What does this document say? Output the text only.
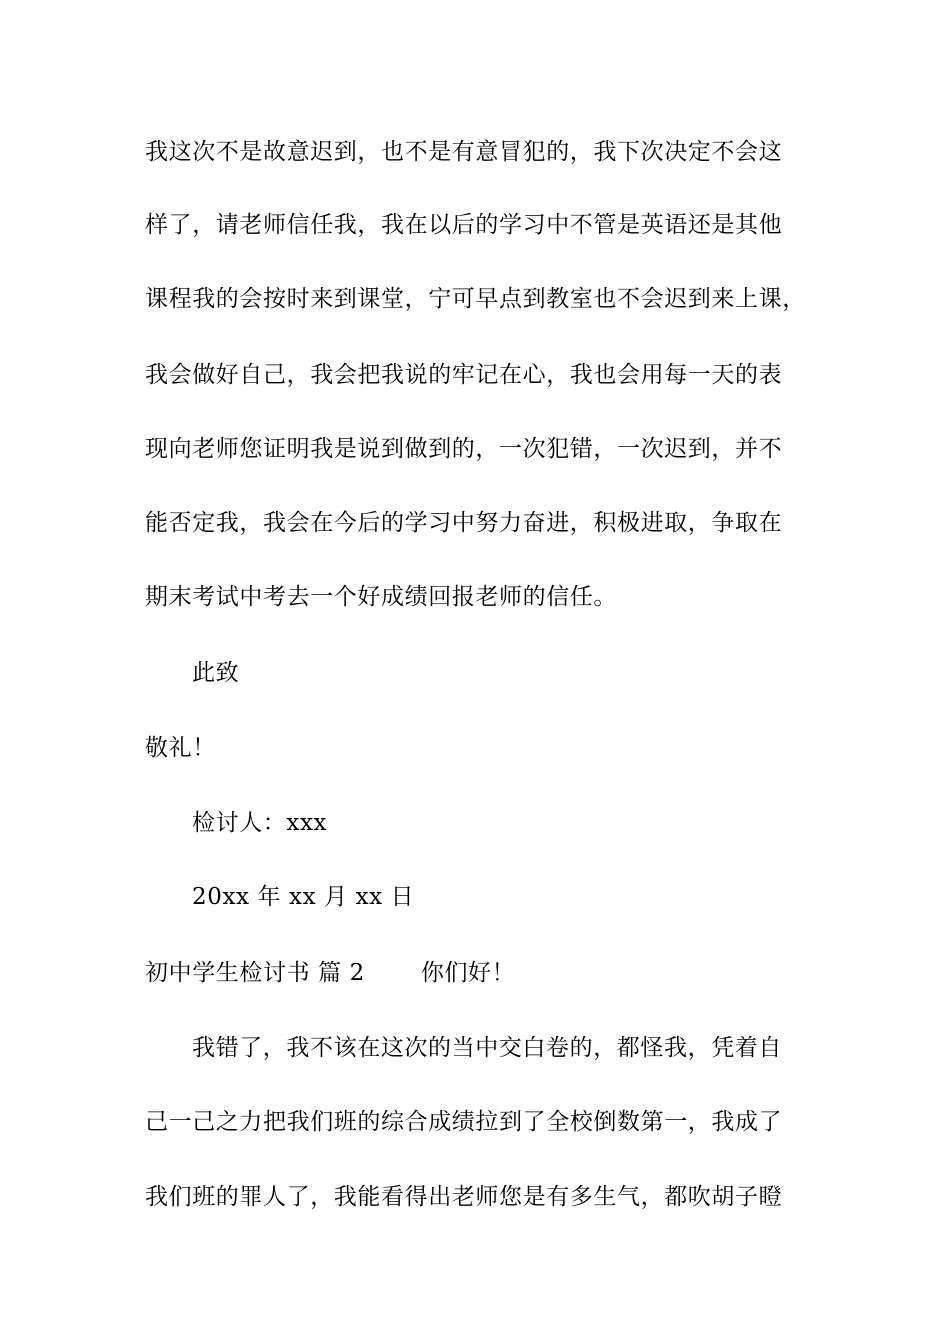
我这次不是故意迟到，也不是有意冒犯的，我下次决定不会这
样了，请老师信任我，我在以后的学习中不管是英语还是其他
课程我的会按时来到课堂，宁可早点到教室也不会迟到来上课，
我会做好自己，我会把我说的牢记在心，我也会用每一天的表
现向老师您证明我是说到做到的，一次犯错，一次迟到，并不
能否定我，我会在今后的学习中努力奋进，积极进取，争取在
期末考试中考去一个好成绩回报老师的信任。
此致
敬礼！
检讨人：xxx
20xx 年 xx 月 xx 日
初中学生检讨书 篇 2 你们好！
我错了，我不该在这次的当中交白卷的，都怪我，凭着自
己一己之力把我们班的综合成绩拉到了全校倒数第一，我成了
我们班的罪人了，我能看得出老师您是有多生气，都吹胡子瞪
